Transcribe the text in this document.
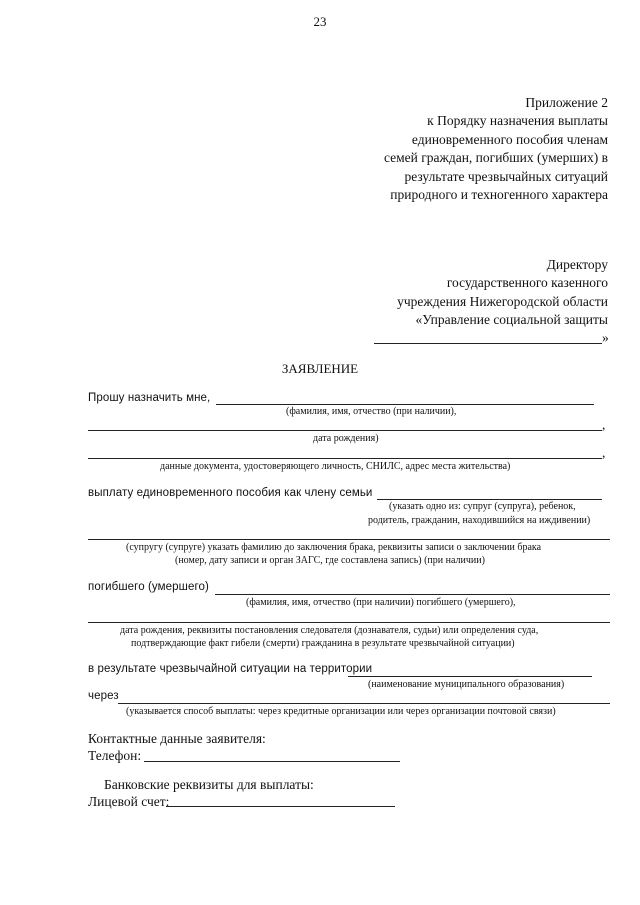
23
Приложение 2
к Порядку назначения выплаты
единовременного пособия членам
семей граждан, погибших (умерших) в
результате чрезвычайных ситуаций
природного и техногенного характера
Директору
государственного казенного
учреждения Нижегородской области
«Управление социальной защиты
»
ЗАЯВЛЕНИЕ
Прошу назначить мне,
(фамилия, имя, отчество (при наличии),
,
дата рождения)
,
данные документа, удостоверяющего личность, СНИЛС, адрес места жительства)
выплату единовременного пособия как члену семьи
(указать одно из: супруг (супруга), ребенок,
родитель, гражданин, находившийся на иждивении)
(супругу (супруге) указать фамилию до заключения брака, реквизиты записи о заключении брака
(номер, дату записи и орган ЗАГС, где составлена запись) (при наличии)
погибшего (умершего)
(фамилия, имя, отчество (при наличии) погибшего (умершего),
дата рождения, реквизиты постановления следователя (дознавателя, судьи) или определения суда,
подтверждающие факт гибели (смерти) гражданина в результате чрезвычайной ситуации)
в результате чрезвычайной ситуации на территории
(наименование муниципального образования)
через
(указывается способ выплаты: через кредитные организации или через организации почтовой связи)
Контактные данные заявителя:
Телефон:
Банковские реквизиты для выплаты:
Лицевой счет:
